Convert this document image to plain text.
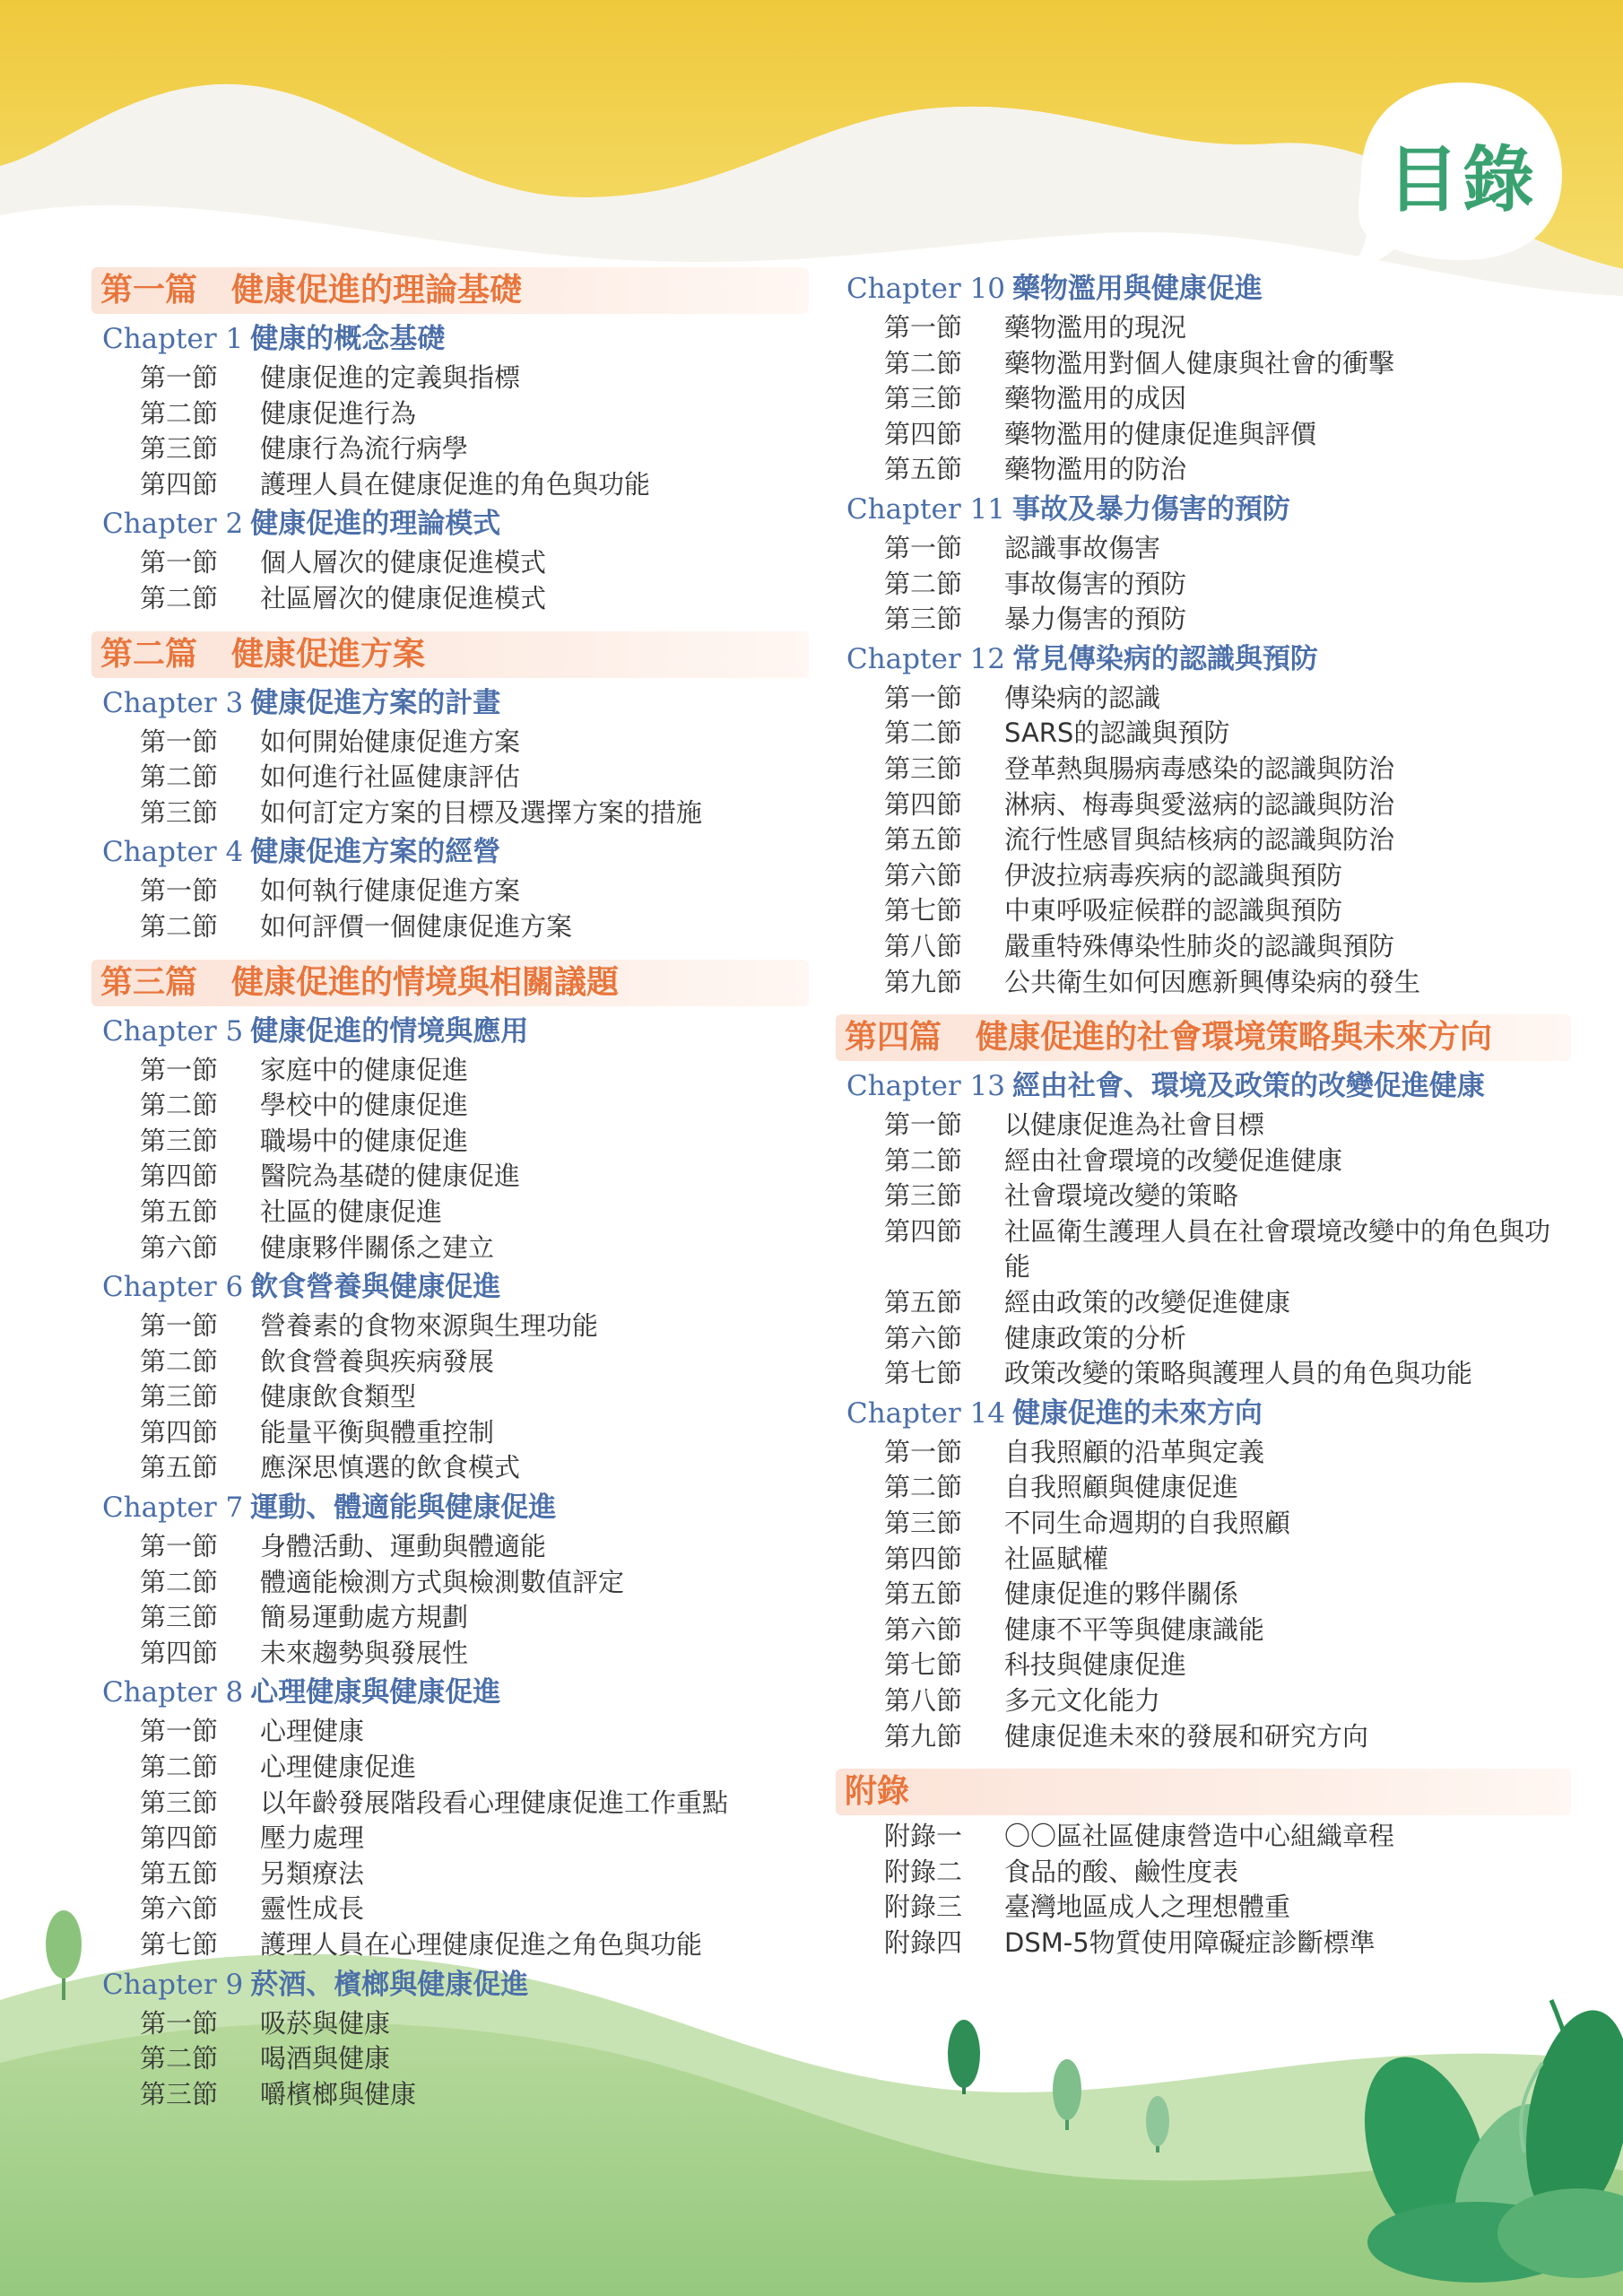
目錄
第一篇 健康促進的理論基礎
Chapter 1 健康的概念基礎
第一節	健康促進的定義與指標
第二節	健康促進行為
第三節	健康行為流行病學
第四節	護理人員在健康促進的角色與功能
Chapter 2 健康促進的理論模式
第一節	個人層次的健康促進模式
第二節	社區層次的健康促進模式
第二篇 健康促進方案
Chapter 3 健康促進方案的計畫
第一節	如何開始健康促進方案
第二節	如何進行社區健康評估
第三節	如何訂定方案的目標及選擇方案的措施
Chapter 4 健康促進方案的經營
第一節	如何執行健康促進方案
第二節	如何評價一個健康促進方案
第三篇 健康促進的情境與相關議題
Chapter 5 健康促進的情境與應用
第一節	家庭中的健康促進
第二節	學校中的健康促進
第三節	職場中的健康促進
第四節	醫院為基礎的健康促進
第五節	社區的健康促進
第六節	健康夥伴關係之建立
Chapter 6 飲食營養與健康促進
第一節	營養素的食物來源與生理功能
第二節	飲食營養與疾病發展
第三節	健康飲食類型
第四節	能量平衡與體重控制
第五節	應深思慎選的飲食模式
Chapter 7 運動、體適能與健康促進
第一節	身體活動、運動與體適能
第二節	體適能檢測方式與檢測數值評定
第三節	簡易運動處方規劃
第四節	未來趨勢與發展性
Chapter 8 心理健康與健康促進
第一節	心理健康
第二節	心理健康促進
第三節	以年齡發展階段看心理健康促進工作重點
第四節	壓力處理
第五節	另類療法
第六節	靈性成長
第七節	護理人員在心理健康促進之角色與功能
Chapter 9 菸酒、檳榔與健康促進
第一節	吸菸與健康
第二節	喝酒與健康
第三節	嚼檳榔與健康
Chapter 10 藥物濫用與健康促進
第一節	藥物濫用的現況
第二節	藥物濫用對個人健康與社會的衝擊
第三節	藥物濫用的成因
第四節	藥物濫用的健康促進與評價
第五節	藥物濫用的防治
Chapter 11 事故及暴力傷害的預防
第一節	認識事故傷害
第二節	事故傷害的預防
第三節	暴力傷害的預防
Chapter 12 常見傳染病的認識與預防
第一節	傳染病的認識
第二節	SARS的認識與預防
第三節	登革熱與腸病毒感染的認識與防治
第四節	淋病、梅毒與愛滋病的認識與防治
第五節	流行性感冒與結核病的認識與防治
第六節	伊波拉病毒疾病的認識與預防
第七節	中東呼吸症候群的認識與預防
第八節	嚴重特殊傳染性肺炎的認識與預防
第九節	公共衛生如何因應新興傳染病的發生
第四篇 健康促進的社會環境策略與未來方向
Chapter 13 經由社會、環境及政策的改變促進健康
第一節	以健康促進為社會目標
第二節	經由社會環境的改變促進健康
第三節	社會環境改變的策略
第四節	社區衛生護理人員在社會環境改變中的角色與功能
第五節	經由政策的改變促進健康
第六節	健康政策的分析
第七節	政策改變的策略與護理人員的角色與功能
Chapter 14 健康促進的未來方向
第一節	自我照顧的沿革與定義
第二節	自我照顧與健康促進
第三節	不同生命週期的自我照顧
第四節	社區賦權
第五節	健康促進的夥伴關係
第六節	健康不平等與健康識能
第七節	科技與健康促進
第八節	多元文化能力
第九節	健康促進未來的發展和研究方向
附錄
附錄一	〇〇區社區健康營造中心組織章程
附錄二	食品的酸、鹼性度表
附錄三	臺灣地區成人之理想體重
附錄四	DSM-5物質使用障礙症診斷標準
